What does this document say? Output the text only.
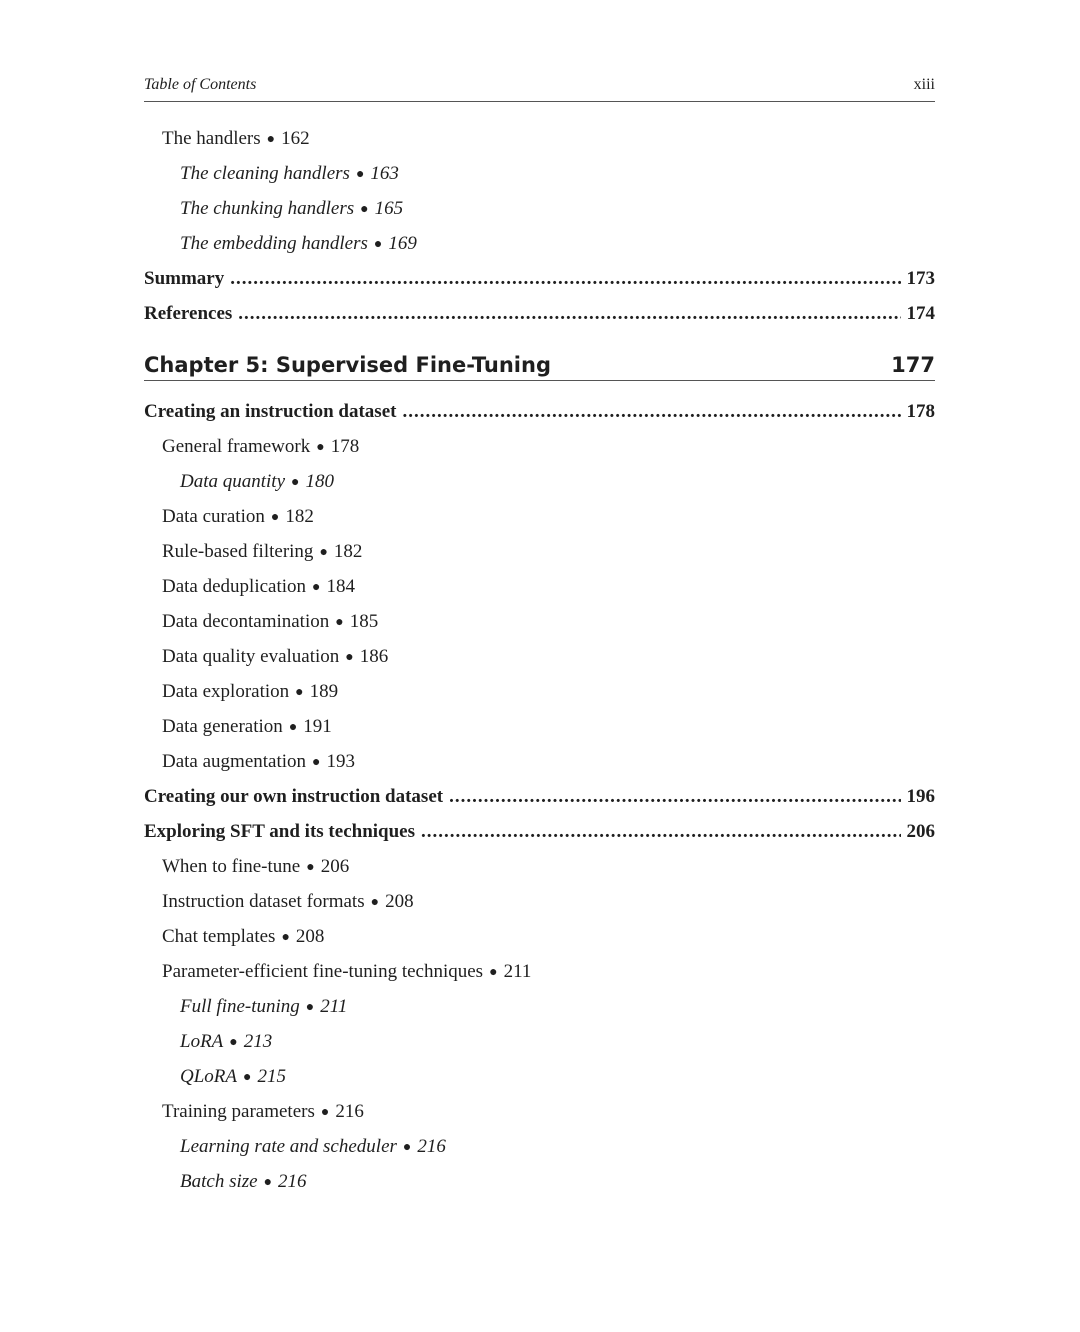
Table of Contents	xiii
The handlers ● 162
The cleaning handlers ● 163
The chunking handlers ● 165
The embedding handlers ● 169
Summary .....	173
References .....	174
Chapter 5: Supervised Fine-Tuning	177
Creating an instruction dataset .....	178
General framework ● 178
Data quantity ● 180
Data curation ● 182
Rule-based filtering ● 182
Data deduplication ● 184
Data decontamination ● 185
Data quality evaluation ● 186
Data exploration ● 189
Data generation ● 191
Data augmentation ● 193
Creating our own instruction dataset .....	196
Exploring SFT and its techniques .....	206
When to fine-tune ● 206
Instruction dataset formats ● 208
Chat templates ● 208
Parameter-efficient fine-tuning techniques ● 211
Full fine-tuning ● 211
LoRA ● 213
QLoRA ● 215
Training parameters ● 216
Learning rate and scheduler ● 216
Batch size ● 216
